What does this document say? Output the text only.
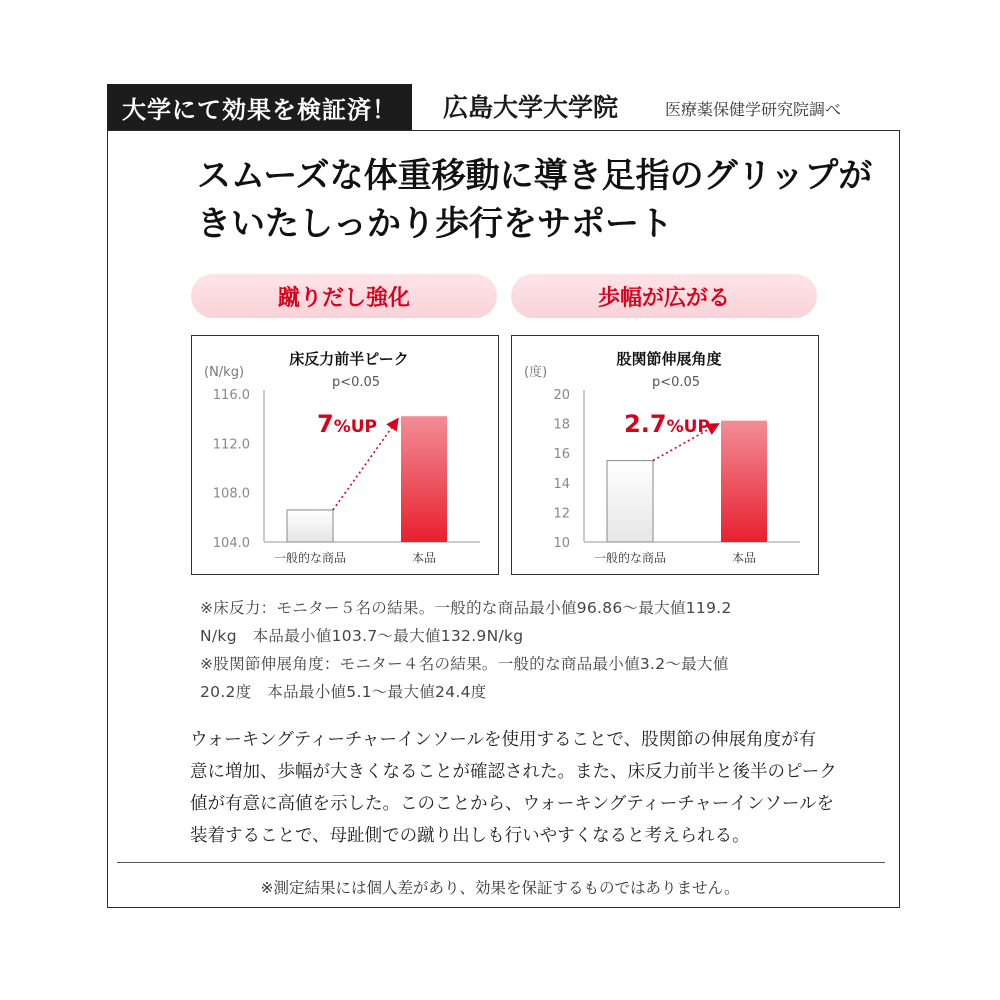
大学にて効果を検証済！	広島大学大学院	医療薬保健学研究院調べ
スムーズな体重移動に導き足指のグリップが
きいたしっかり歩行をサポート
蹴りだし強化	歩幅が広がる
床反力前半ピーク
p<0.05
(N/kg)
116.0
112.0
108.0
104.0
一般的な商品	本品
7%UP
股関節伸展角度
p<0.05
(度)
20
18
16
14
12
10
一般的な商品	本品
2.7%UP
※床反力：モニター５名の結果。一般的な商品最小値96.86～最大値119.2
N/kg　本品最小値103.7～最大値132.9N/kg
※股関節伸展角度：モニター４名の結果。一般的な商品最小値3.2～最大値
20.2度　本品最小値5.1～最大値24.4度
ウォーキングティーチャーインソールを使用することで、股関節の伸展角度が有
意に増加、歩幅が大きくなることが確認された。また、床反力前半と後半のピーク
値が有意に高値を示した。このことから、ウォーキングティーチャーインソールを
装着することで、母趾側での蹴り出しも行いやすくなると考えられる。
※測定結果には個人差があり、効果を保証するものではありません。
